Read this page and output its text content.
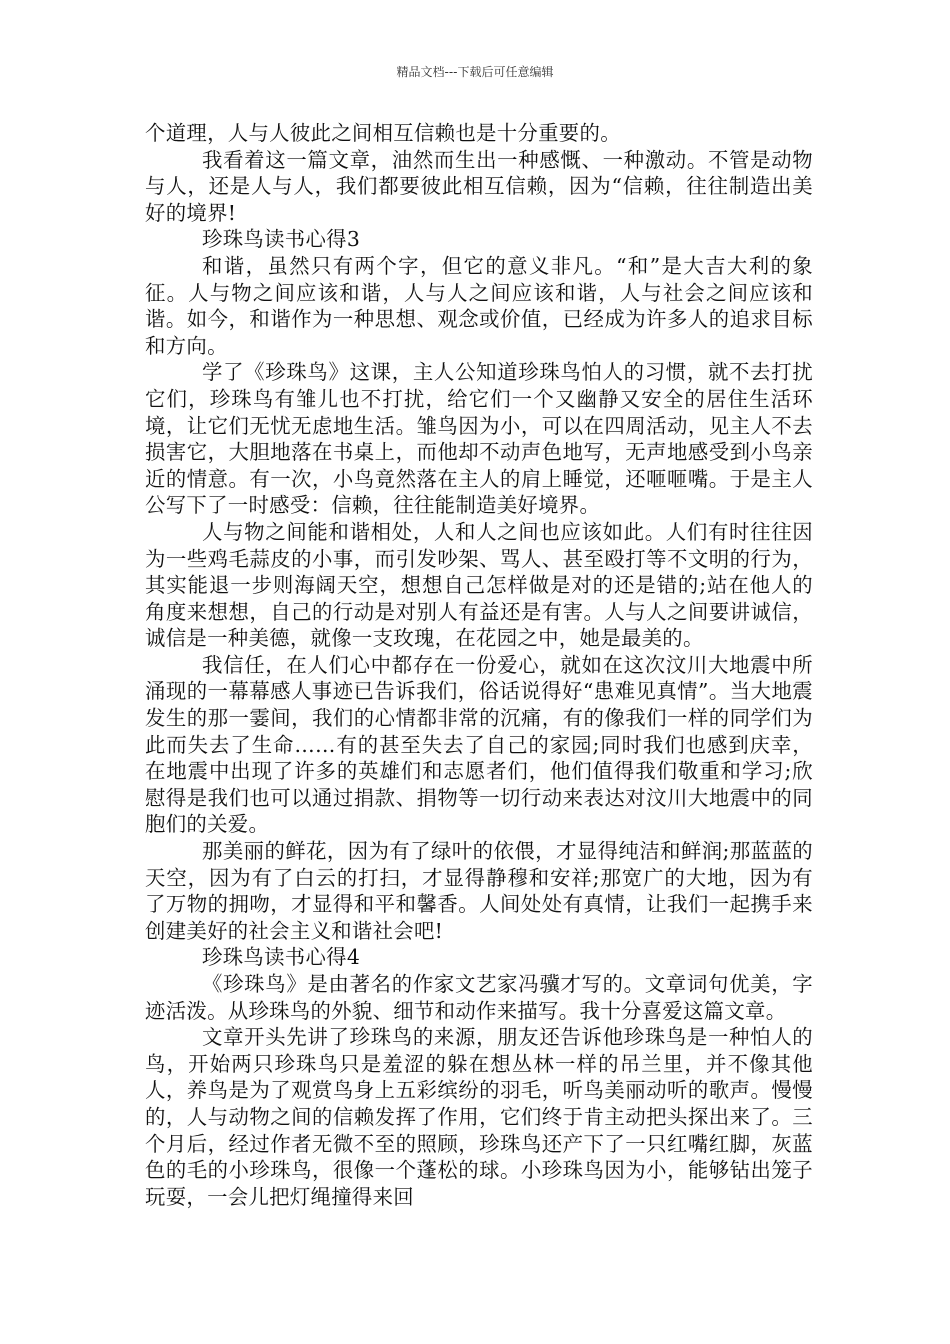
精品文档---下载后可任意编辑

个道理，人与人彼此之间相互信赖也是十分重要的。

我看着这一篇文章，油然而生出一种感慨、一种激动。不管是动物与人，还是人与人，我们都要彼此相互信赖，因为“信赖，往往制造出美好的境界!

珍珠鸟读书心得3

和谐，虽然只有两个字，但它的意义非凡。“和”是大吉大利的象征。人与物之间应该和谐，人与人之间应该和谐，人与社会之间应该和谐。如今，和谐作为一种思想、观念或价值，已经成为许多人的追求目标和方向。

学了《珍珠鸟》这课，主人公知道珍珠鸟怕人的习惯，就不去打扰它们，珍珠鸟有雏儿也不打扰，给它们一个又幽静又安全的居住生活环境，让它们无忧无虑地生活。雏鸟因为小，可以在四周活动，见主人不去损害它，大胆地落在书桌上，而他却不动声色地写，无声地感受到小鸟亲近的情意。有一次，小鸟竟然落在主人的肩上睡觉，还咂咂嘴。于是主人公写下了一时感受：信赖，往往能制造美好境界。

人与物之间能和谐相处，人和人之间也应该如此。人们有时往往因为一些鸡毛蒜皮的小事，而引发吵架、骂人、甚至殴打等不文明的行为，其实能退一步则海阔天空，想想自己怎样做是对的还是错的;站在他人的角度来想想，自己的行动是对别人有益还是有害。人与人之间要讲诚信，诚信是一种美德，就像一支玫瑰，在花园之中，她是最美的。

我信任，在人们心中都存在一份爱心，就如在这次汶川大地震中所涌现的一幕幕感人事迹已告诉我们，俗话说得好“患难见真情”。当大地震发生的那一霎间，我们的心情都非常的沉痛，有的像我们一样的同学们为此而失去了生命……有的甚至失去了自己的家园;同时我们也感到庆幸，在地震中出现了许多的英雄们和志愿者们，他们值得我们敬重和学习;欣慰得是我们也可以通过捐款、捐物等一切行动来表达对汶川大地震中的同胞们的关爱。

那美丽的鲜花，因为有了绿叶的依偎，才显得纯洁和鲜润;那蓝蓝的天空，因为有了白云的打扫，才显得静穆和安祥;那宽广的大地，因为有了万物的拥吻，才显得和平和馨香。人间处处有真情，让我们一起携手来创建美好的社会主义和谐社会吧!

珍珠鸟读书心得4

《珍珠鸟》是由著名的作家文艺家冯骥才写的。文章词句优美，字迹活泼。从珍珠鸟的外貌、细节和动作来描写。我十分喜爱这篇文章。

文章开头先讲了珍珠鸟的来源，朋友还告诉他珍珠鸟是一种怕人的鸟，开始两只珍珠鸟只是羞涩的躲在想丛林一样的吊兰里，并不像其他人，养鸟是为了观赏鸟身上五彩缤纷的羽毛，听鸟美丽动听的歌声。慢慢的，人与动物之间的信赖发挥了作用，它们终于肯主动把头探出来了。三个月后，经过作者无微不至的照顾，珍珠鸟还产下了一只红嘴红脚，灰蓝色的毛的小珍珠鸟，很像一个蓬松的球。小珍珠鸟因为小，能够钻出笼子玩耍，一会儿把灯绳撞得来回
